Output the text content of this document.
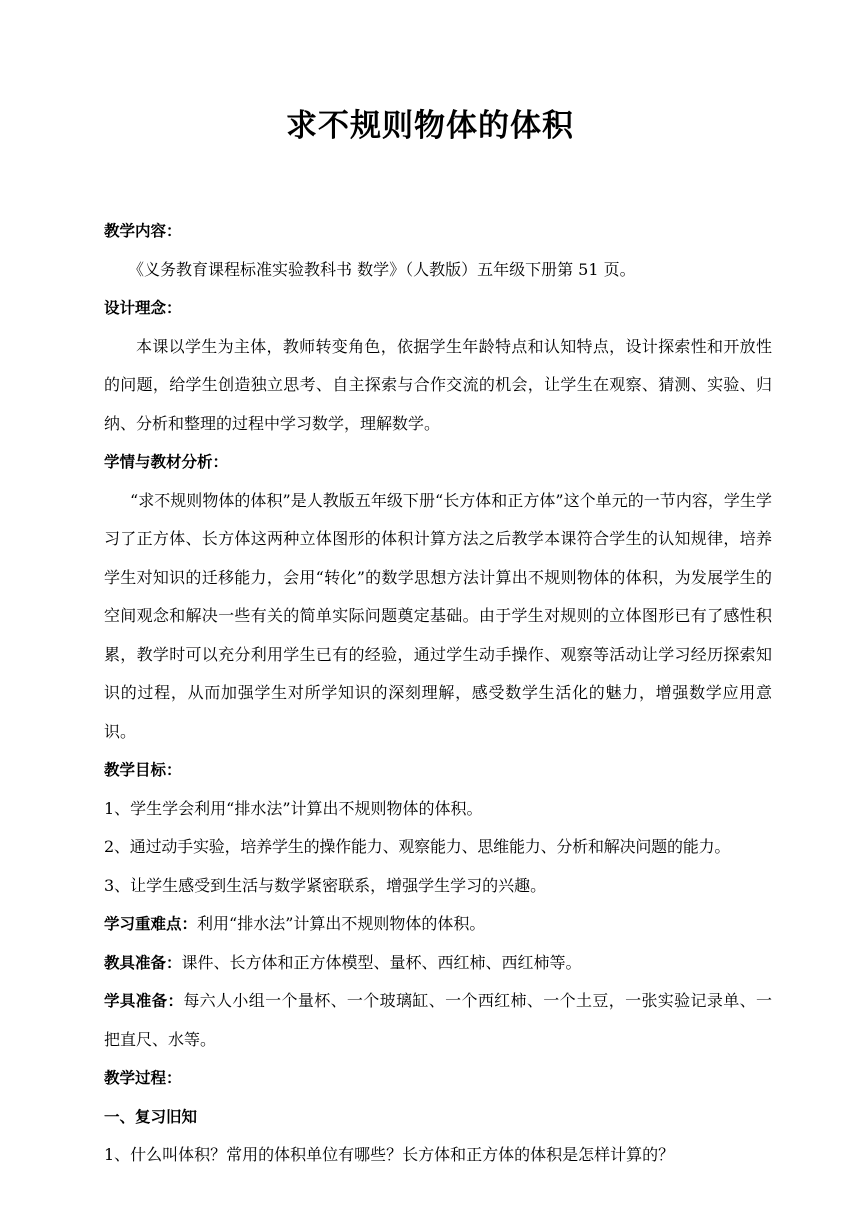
求不规则物体的体积

教学内容：

《义务教育课程标准实验教科书 数学》（人教版）五年级下册第 51 页。

设计理念：

本课以学生为主体，教师转变角色，依据学生年龄特点和认知特点，设计探索性和开放性的问题，给学生创造独立思考、自主探索与合作交流的机会，让学生在观察、猜测、实验、归纳、分析和整理的过程中学习数学，理解数学。

学情与教材分析：

“求不规则物体的体积”是人教版五年级下册“长方体和正方体”这个单元的一节内容，学生学习了正方体、长方体这两种立体图形的体积计算方法之后教学本课符合学生的认知规律，培养学生对知识的迁移能力，会用“转化”的数学思想方法计算出不规则物体的体积，为发展学生的空间观念和解决一些有关的简单实际问题奠定基础。由于学生对规则的立体图形已有了感性积累，教学时可以充分利用学生已有的经验，通过学生动手操作、观察等活动让学习经历探索知识的过程，从而加强学生对所学知识的深刻理解，感受数学生活化的魅力，增强数学应用意识。

教学目标：

1、学生学会利用“排水法”计算出不规则物体的体积。

2、通过动手实验，培养学生的操作能力、观察能力、思维能力、分析和解决问题的能力。

3、让学生感受到生活与数学紧密联系，增强学生学习的兴趣。

学习重难点：利用“排水法”计算出不规则物体的体积。

教具准备：课件、长方体和正方体模型、量杯、西红柿、西红柿等。

学具准备：每六人小组一个量杯、一个玻璃缸、一个西红柿、一个土豆，一张实验记录单、一把直尺、水等。

教学过程：

一、复习旧知

1、什么叫体积？常用的体积单位有哪些？长方体和正方体的体积是怎样计算的？
